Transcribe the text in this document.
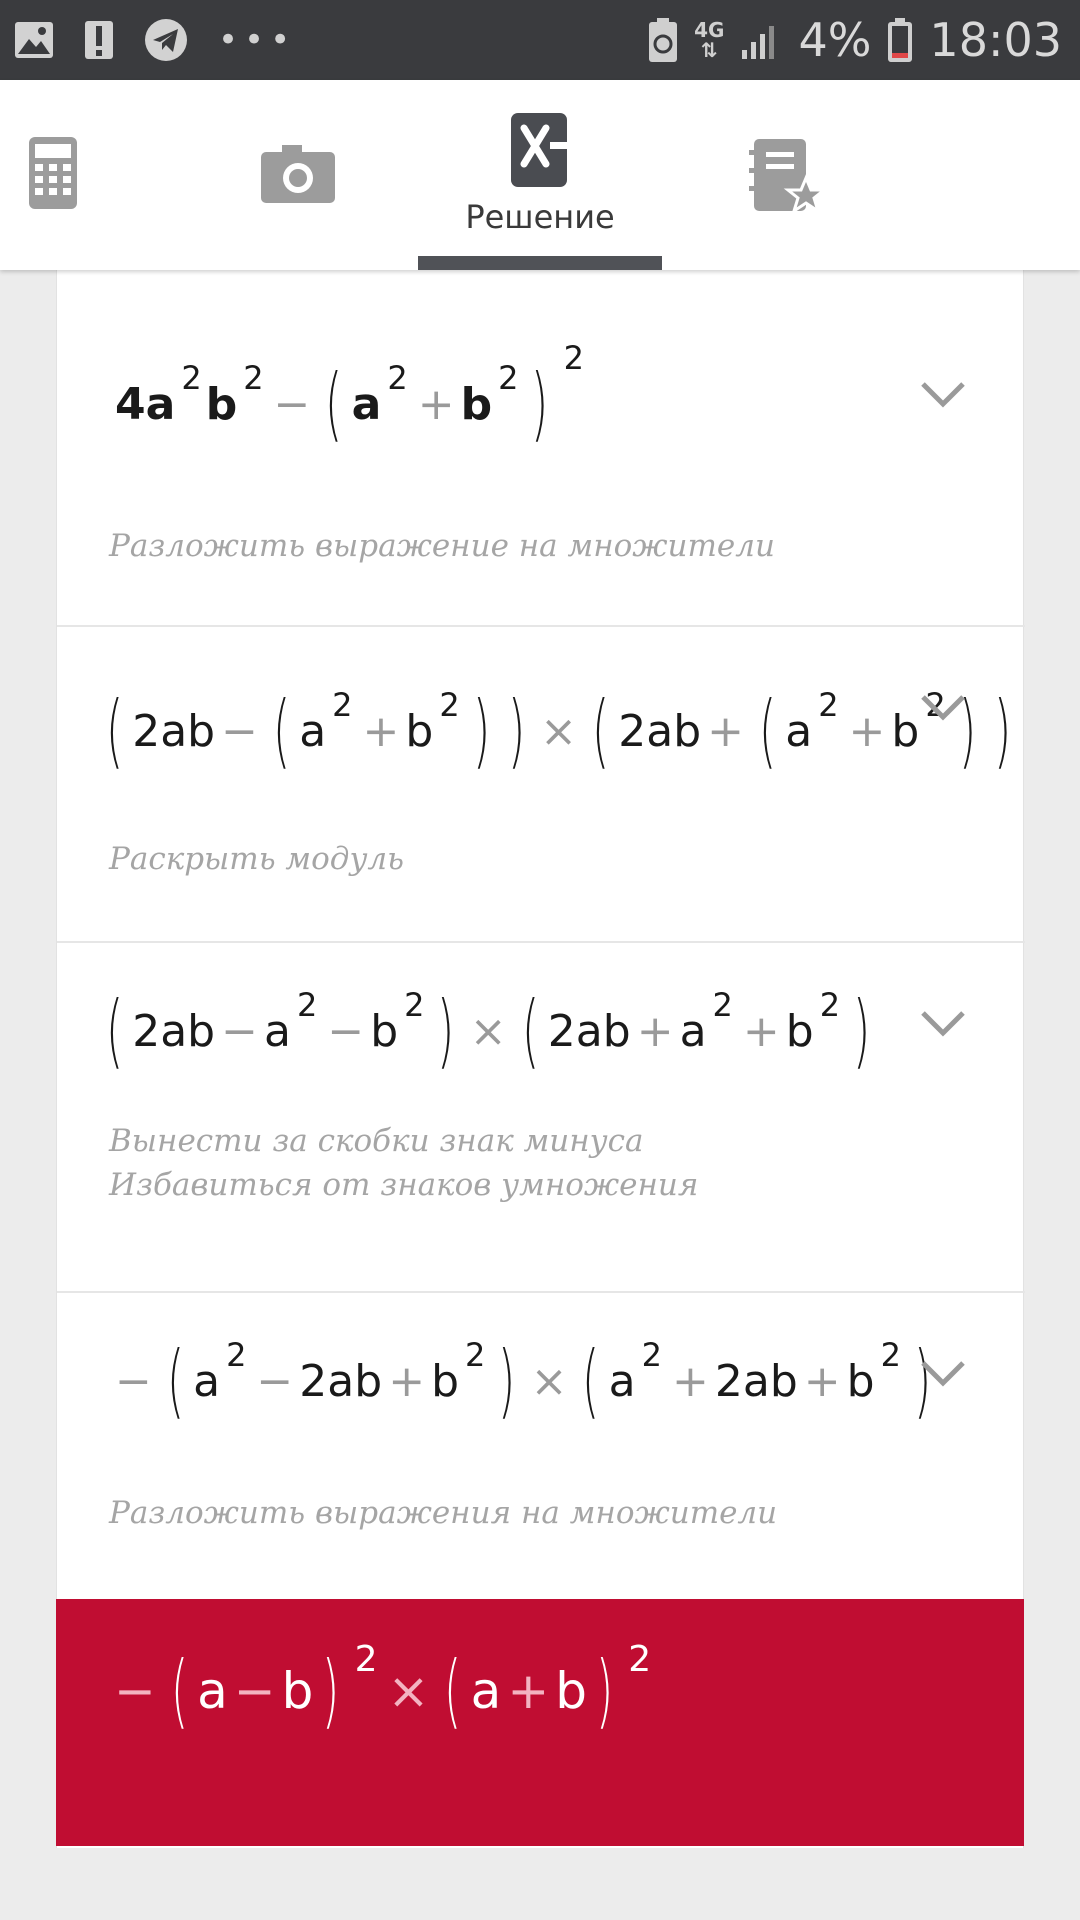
•••	4G
⇅ 4% 18:03
Решение
4 a
$^2$
b
$^2$
− ( a
$^2$
+ b
$^2$ ) $^2$
Разложить выражение на множители
( 2ab − ( a
$^2$
+ b
$^2$ ) ) × ( 2ab + ( a
$^2$
+ b
$^2$ ) )
Раскрыть модуль
( 2ab − a
$^2$
− b
$^2$ ) × ( 2ab + a
$^2$
+ b
$^2$ )
Вынести за скобки знак минуса
Избавиться от знаков умножения
− ( a
$^2$
− 2ab + b
$^2$ ) × ( a
$^2$
+ 2ab + b
$^2$ )
Разложить выражения на множители
− ( a − b ) $^2$
× ( a + b ) $^2$
